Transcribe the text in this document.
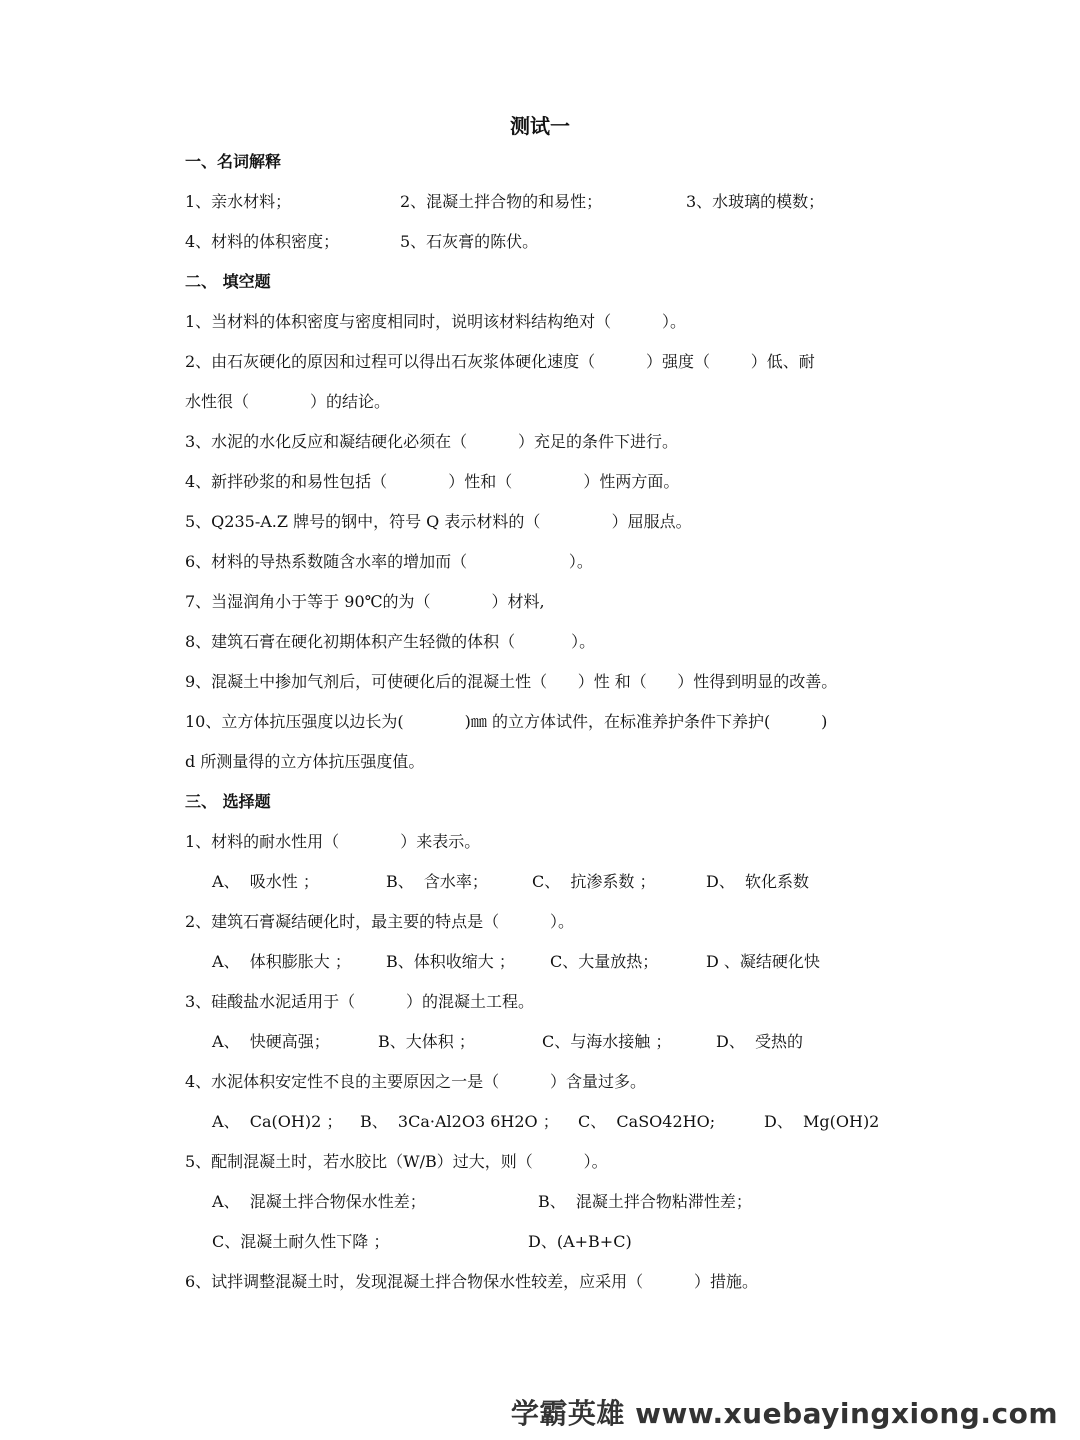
测试一
一、名词解释
1、亲水材料；	2、混凝土拌合物的和易性；	3、水玻璃的模数；
4、材料的体积密度；	5、石灰膏的陈伏。
二、 填空题
1、当材料的体积密度与密度相同时，说明该材料结构绝对（          ）。
2、由石灰硬化的原因和过程可以得出石灰浆体硬化速度（          ）强度（        ）低、耐
水性很（            ）的结论。
3、水泥的水化反应和凝结硬化必须在（          ）充足的条件下进行。
4、新拌砂浆的和易性包括（            ）性和（              ）性两方面。
5、Q235-A.Z 牌号的钢中，符号 Q 表示材料的（              ）屈服点。
6、材料的导热系数随含水率的增加而（                    ）。
7、当湿润角小于等于 90℃的为（            ）材料,
8、建筑石膏在硬化初期体积产生轻微的体积（           ）。
9、混凝土中掺加气剂后，可使硬化后的混凝土性（      ）性 和（      ）性得到明显的改善。
10、立方体抗压强度以边长为(            )㎜ 的立方体试件，在标准养护条件下养护(          )
d 所测量得的立方体抗压强度值。
三、 选择题
1、材料的耐水性用（            ）来表示。
A、  吸水性 ；	B、  含水率；	C、  抗渗系数 ；	D、  软化系数
2、建筑石膏凝结硬化时，最主要的特点是（          ）。
A、  体积膨胀大 ； B、体积收缩大 ； C、大量放热；	D 、凝结硬化快
3、硅酸盐水泥适用于（          ）的混凝土工程。
A、  快硬高强；	B、大体积 ；	C、与海水接触 ；	D、  受热的
4、水泥体积安定性不良的主要原因之一是（          ）含量过多。
A、  Ca(OH)2 ； B、  3Ca·Al2O3 6H2O ； C、  CaSO42HO;	D、  Mg(OH)2
5、配制混凝土时，若水胶比（W/B）过大，则（          ）。
A、  混凝土拌合物保水性差；	B、  混凝土拌合物粘滞性差；
C、混凝土耐久性下降 ；	D、(A+B+C)
6、试拌调整混凝土时，发现混凝土拌合物保水性较差，应采用（          ）措施。
学霸英雄 www.xuebayingxiong.com
